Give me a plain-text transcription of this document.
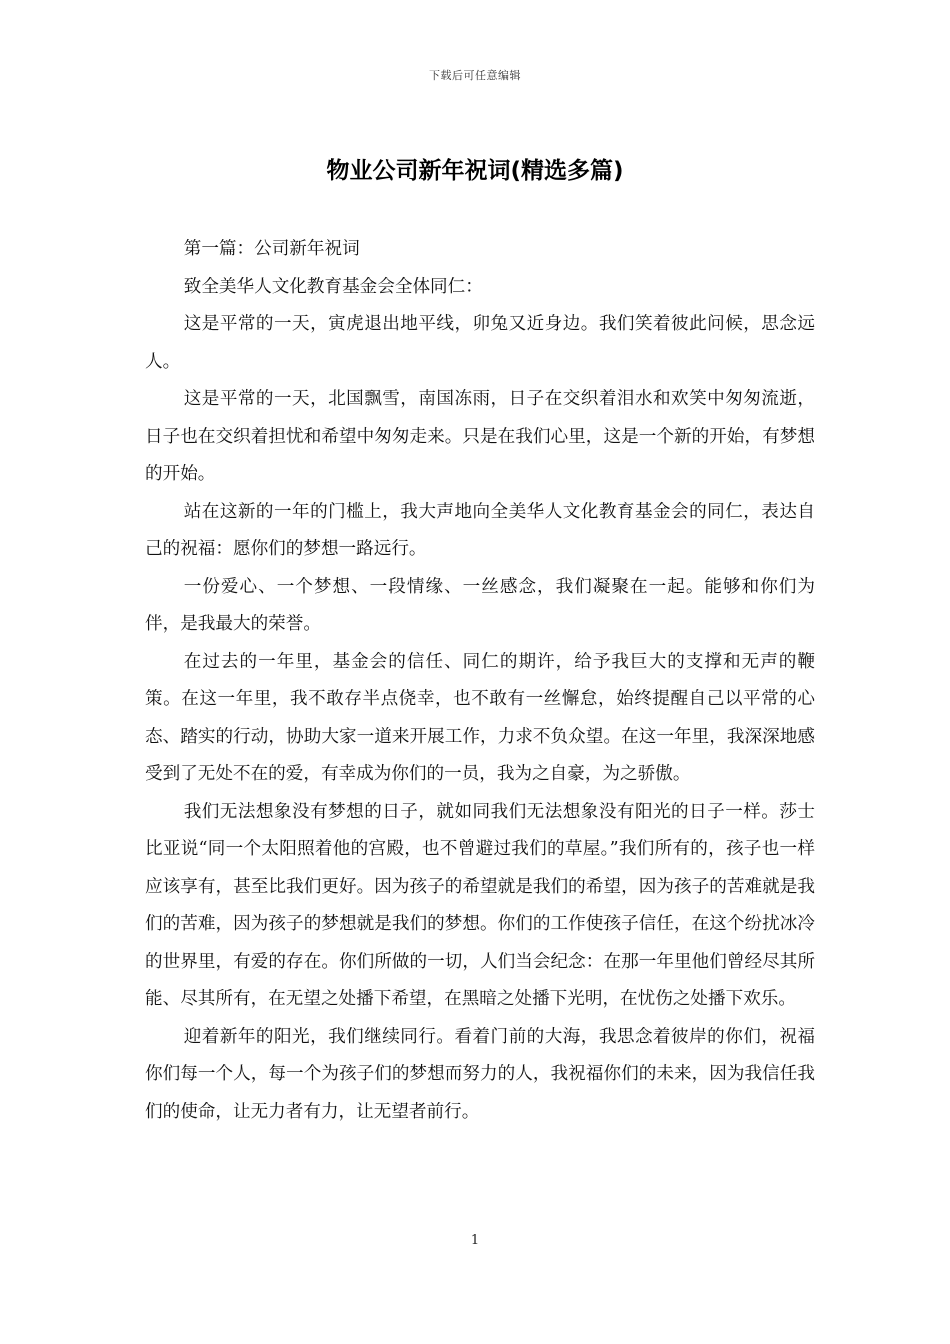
下载后可任意编辑
物业公司新年祝词(精选多篇)

第一篇：公司新年祝词

致全美华人文化教育基金会全体同仁：

这是平常的一天，寅虎退出地平线，卯兔又近身边。我们笑着彼此问候，思念远人。

这是平常的一天，北国飘雪，南国冻雨，日子在交织着泪水和欢笑中匆匆流逝，日子也在交织着担忧和希望中匆匆走来。只是在我们心里，这是一个新的开始，有梦想的开始。

站在这新的一年的门槛上，我大声地向全美华人文化教育基金会的同仁，表达自己的祝福：愿你们的梦想一路远行。

一份爱心、一个梦想、一段情缘、一丝感念，我们凝聚在一起。能够和你们为伴，是我最大的荣誉。

在过去的一年里，基金会的信任、同仁的期许，给予我巨大的支撑和无声的鞭策。在这一年里，我不敢存半点侥幸，也不敢有一丝懈怠，始终提醒自己以平常的心态、踏实的行动，协助大家一道来开展工作，力求不负众望。在这一年里，我深深地感受到了无处不在的爱，有幸成为你们的一员，我为之自豪，为之骄傲。

我们无法想象没有梦想的日子，就如同我们无法想象没有阳光的日子一样。莎士比亚说“同一个太阳照着他的宫殿，也不曾避过我们的草屋。”我们所有的，孩子也一样应该享有，甚至比我们更好。因为孩子的希望就是我们的希望，因为孩子的苦难就是我们的苦难，因为孩子的梦想就是我们的梦想。你们的工作使孩子信任，在这个纷扰冰冷的世界里，有爱的存在。你们所做的一切，人们当会纪念：在那一年里他们曾经尽其所能、尽其所有，在无望之处播下希望，在黑暗之处播下光明，在忧伤之处播下欢乐。

迎着新年的阳光，我们继续同行。看着门前的大海，我思念着彼岸的你们，祝福你们每一个人，每一个为孩子们的梦想而努力的人，我祝福你们的未来，因为我信任我们的使命，让无力者有力，让无望者前行。

1
